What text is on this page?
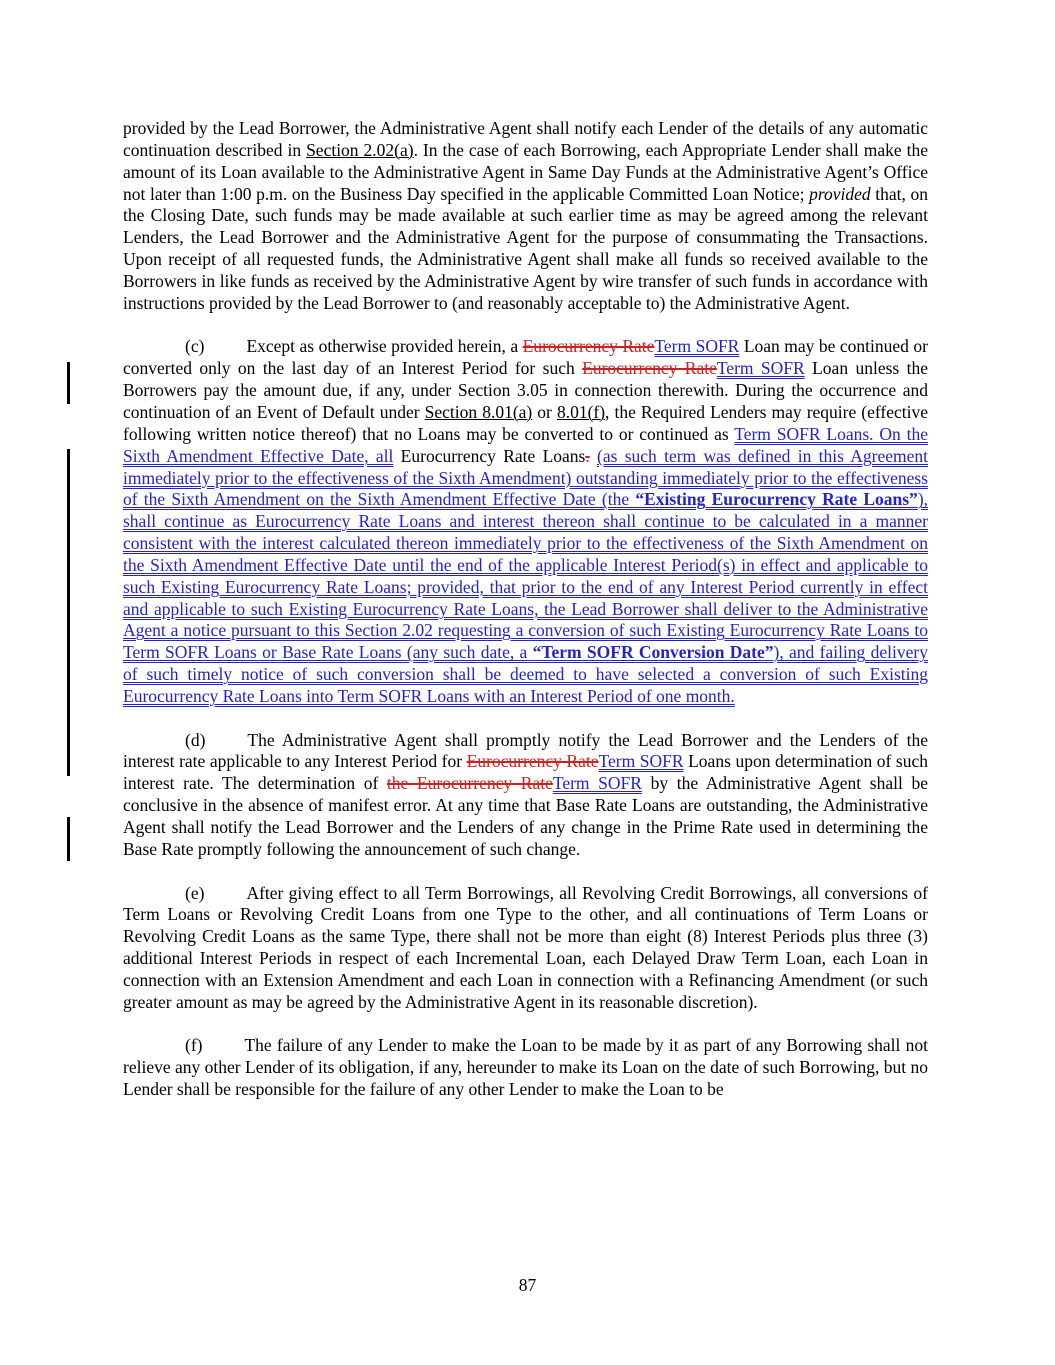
provided by the Lead Borrower, the Administrative Agent shall notify each Lender of the details of any automatic continuation described in Section 2.02(a). In the case of each Borrowing, each Appropriate Lender shall make the amount of its Loan available to the Administrative Agent in Same Day Funds at the Administrative Agent’s Office not later than 1:00 p.m. on the Business Day specified in the applicable Committed Loan Notice; provided that, on the Closing Date, such funds may be made available at such earlier time as may be agreed among the relevant Lenders, the Lead Borrower and the Administrative Agent for the purpose of consummating the Transactions. Upon receipt of all requested funds, the Administrative Agent shall make all funds so received available to the Borrowers in like funds as received by the Administrative Agent by wire transfer of such funds in accordance with instructions provided by the Lead Borrower to (and reasonably acceptable to) the Administrative Agent.

(c) Except as otherwise provided herein, a Eurocurrency RateTerm SOFR Loan may be continued or converted only on the last day of an Interest Period for such Eurocurrency RateTerm SOFR Loan unless the Borrowers pay the amount due, if any, under Section 3.05 in connection therewith. During the occurrence and continuation of an Event of Default under Section 8.01(a) or 8.01(f), the Required Lenders may require (effective following written notice thereof) that no Loans may be converted to or continued as Term SOFR Loans. On the Sixth Amendment Effective Date, all Eurocurrency Rate Loans. (as such term was defined in this Agreement immediately prior to the effectiveness of the Sixth Amendment) outstanding immediately prior to the effectiveness of the Sixth Amendment on the Sixth Amendment Effective Date (the “Existing Eurocurrency Rate Loans”), shall continue as Eurocurrency Rate Loans and interest thereon shall continue to be calculated in a manner consistent with the interest calculated thereon immediately prior to the effectiveness of the Sixth Amendment on the Sixth Amendment Effective Date until the end of the applicable Interest Period(s) in effect and applicable to such Existing Eurocurrency Rate Loans; provided, that prior to the end of any Interest Period currently in effect and applicable to such Existing Eurocurrency Rate Loans, the Lead Borrower shall deliver to the Administrative Agent a notice pursuant to this Section 2.02 requesting a conversion of such Existing Eurocurrency Rate Loans to Term SOFR Loans or Base Rate Loans (any such date, a “Term SOFR Conversion Date”), and failing delivery of such timely notice of such conversion shall be deemed to have selected a conversion of such Existing Eurocurrency Rate Loans into Term SOFR Loans with an Interest Period of one month.

(d) The Administrative Agent shall promptly notify the Lead Borrower and the Lenders of the interest rate applicable to any Interest Period for Eurocurrency RateTerm SOFR Loans upon determination of such interest rate. The determination of the Eurocurrency RateTerm SOFR by the Administrative Agent shall be conclusive in the absence of manifest error. At any time that Base Rate Loans are outstanding, the Administrative Agent shall notify the Lead Borrower and the Lenders of any change in the Prime Rate used in determining the Base Rate promptly following the announcement of such change.

(e) After giving effect to all Term Borrowings, all Revolving Credit Borrowings, all conversions of Term Loans or Revolving Credit Loans from one Type to the other, and all continuations of Term Loans or Revolving Credit Loans as the same Type, there shall not be more than eight (8) Interest Periods plus three (3) additional Interest Periods in respect of each Incremental Loan, each Delayed Draw Term Loan, each Loan in connection with an Extension Amendment and each Loan in connection with a Refinancing Amendment (or such greater amount as may be agreed by the Administrative Agent in its reasonable discretion).

(f) The failure of any Lender to make the Loan to be made by it as part of any Borrowing shall not relieve any other Lender of its obligation, if any, hereunder to make its Loan on the date of such Borrowing, but no Lender shall be responsible for the failure of any other Lender to make the Loan to be

87
